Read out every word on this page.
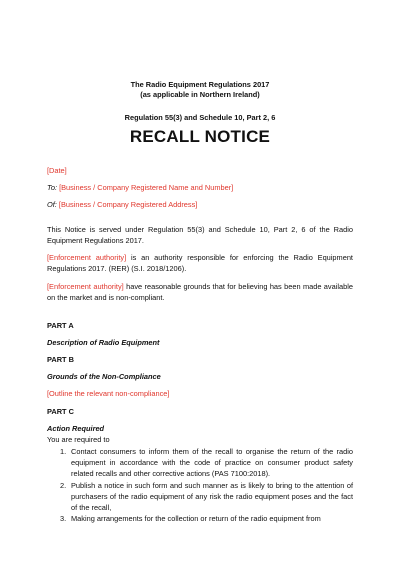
The Radio Equipment Regulations 2017
(as applicable in Northern Ireland)
Regulation 55(3) and Schedule 10, Part 2, 6
RECALL NOTICE
[Date]
To: [Business / Company Registered Name and Number]
Of: [Business / Company Registered Address]
This Notice is served under Regulation 55(3) and Schedule 10, Part 2, 6 of the Radio Equipment Regulations 2017.
[Enforcement authority] is an authority responsible for enforcing the Radio Equipment Regulations 2017. (RER) (S.I. 2018/1206).
[Enforcement authority] have reasonable grounds that for believing has been made available on the market and is non-compliant.
PART A
Description of Radio Equipment
PART B
Grounds of the Non-Compliance
[Outline the relevant non-compliance]
PART C
Action Required
You are required to
1. Contact consumers to inform them of the recall to organise the return of the radio equipment in accordance with the code of practice on consumer product safety related recalls and other corrective actions (PAS 7100:2018).
2. Publish a notice in such form and such manner as is likely to bring to the attention of purchasers of the radio equipment of any risk the radio equipment poses and the fact of the recall,
3. Making arrangements for the collection or return of the radio equipment from
